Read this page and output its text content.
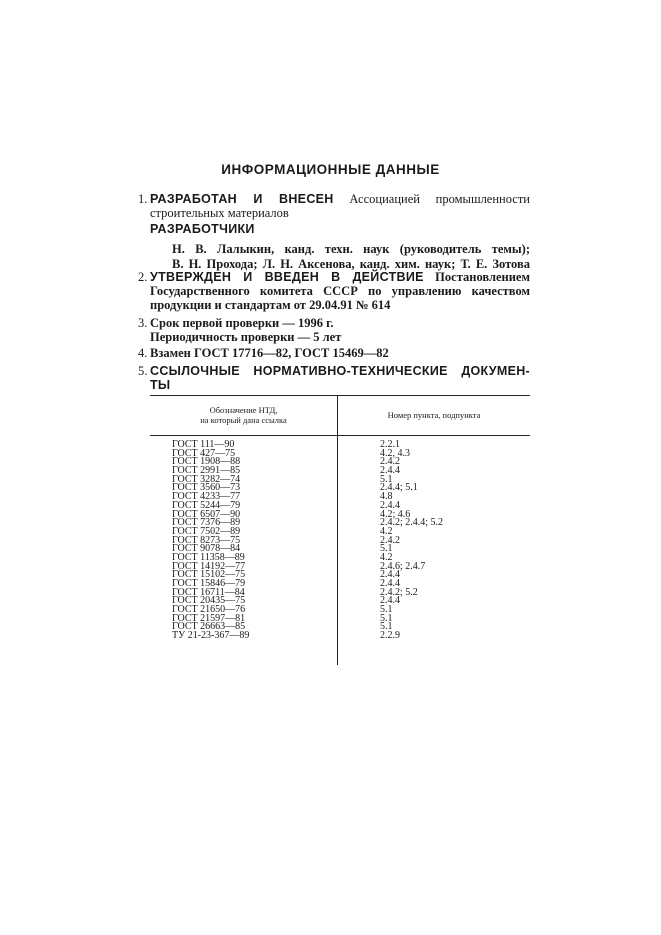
ИНФОРМАЦИОННЫЕ ДАННЫЕ
1. РАЗРАБОТАН И ВНЕСЕН Ассоциацией промышленности
строительных материалов
РАЗРАБОТЧИКИ
Н. В. Лалыкин, канд. техн. наук (руководитель темы);
В. Н. Прохода; Л. Н. Аксенова, канд. хим. наук; Т. Е. Зотова
2. УТВЕРЖДЕН И ВВЕДЕН В ДЕЙСТВИЕ Постановлением
Государственного комитета СССР по управлению качеством
продукции и стандартам от 29.04.91 № 614
3. Срок первой проверки — 1996 г.
Периодичность проверки — 5 лет
4. Взамен ГОСТ 17716—82, ГОСТ 15469—82
5. ССЫЛОЧНЫЕ НОРМАТИВНО-ТЕХНИЧЕСКИЕ ДОКУМЕН-
ТЫ
Обозначение НТД,
на который дана ссылка	Номер пункта, подпункта
ГОСТ 111—90
ГОСТ 427—75
ГОСТ 1908—88
ГОСТ 2991—85
ГОСТ 3282—74
ГОСТ 3560—73
ГОСТ 4233—77
ГОСТ 5244—79
ГОСТ 6507—90
ГОСТ 7376—89
ГОСТ 7502—89
ГОСТ 8273—75
ГОСТ 9078—84
ГОСТ 11358—89
ГОСТ 14192—77
ГОСТ 15102—75
ГОСТ 15846—79
ГОСТ 16711—84
ГОСТ 20435—75
ГОСТ 21650—76
ГОСТ 21597—81
ГОСТ 26663—85
ТУ 21-23-367—89
2.2.1
4.2, 4.3
2.4.2
2.4.4
5.1
2.4.4; 5.1
4.8
2.4.4
4.2; 4.6
2.4.2; 2.4.4; 5.2
4.2
2.4.2
5.1
4.2
2.4.6; 2.4.7
2.4.4
2.4.4
2.4.2; 5.2
2.4.4
5.1
5.1
5.1
2.2.9
